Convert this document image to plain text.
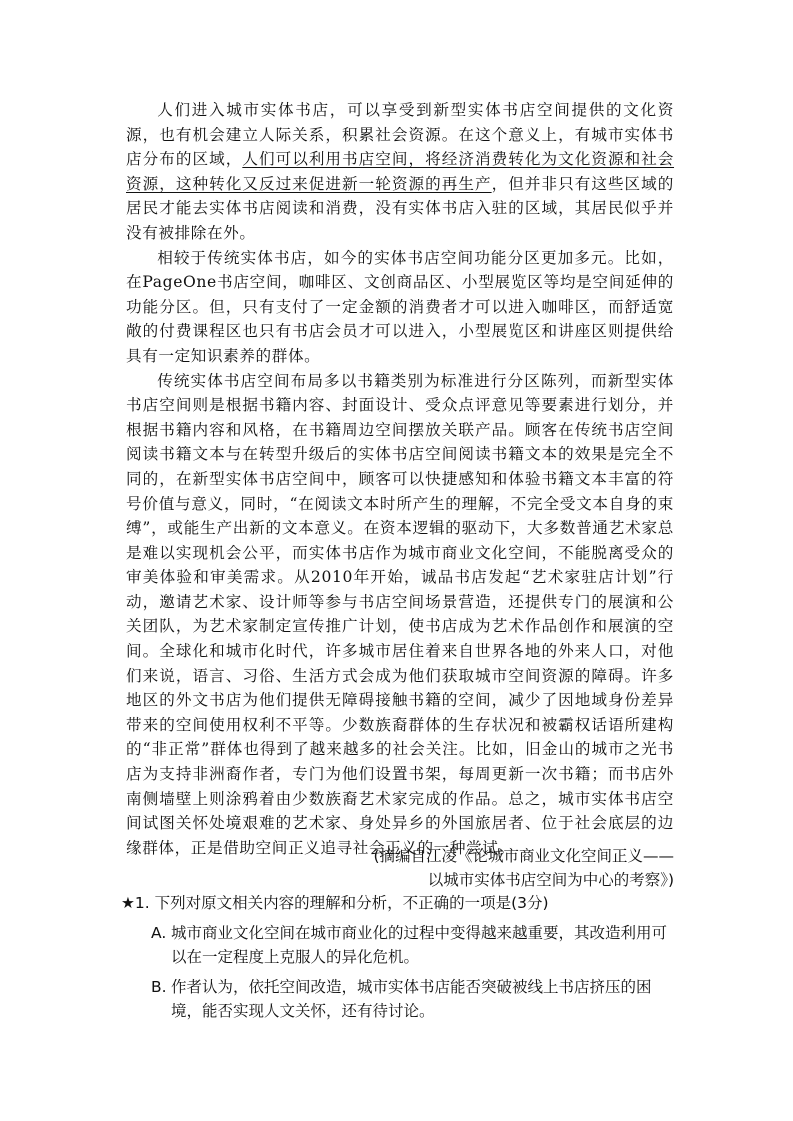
人们进入城市实体书店，可以享受到新型实体书店空间提供的文化资源，也有机会建立人际关系，积累社会资源。在这个意义上，有城市实体书店分布的区域，人们可以利用书店空间，将经济消费转化为文化资源和社会资源，这种转化又反过来促进新一轮资源的再生产，但并非只有这些区域的居民才能去实体书店阅读和消费，没有实体书店入驻的区域，其居民似乎并没有被排除在外。

相较于传统实体书店，如今的实体书店空间功能分区更加多元。比如，在PageOne书店空间，咖啡区、文创商品区、小型展览区等均是空间延伸的功能分区。但，只有支付了一定金额的消费者才可以进入咖啡区，而舒适宽敞的付费课程区也只有书店会员才可以进入，小型展览区和讲座区则提供给具有一定知识素养的群体。

传统实体书店空间布局多以书籍类别为标准进行分区陈列，而新型实体书店空间则是根据书籍内容、封面设计、受众点评意见等要素进行划分，并根据书籍内容和风格，在书籍周边空间摆放关联产品。顾客在传统书店空间阅读书籍文本与在转型升级后的实体书店空间阅读书籍文本的效果是完全不同的，在新型实体书店空间中，顾客可以快捷感知和体验书籍文本丰富的符号价值与意义，同时，“在阅读文本时所产生的理解，不完全受文本自身的束缚”，或能生产出新的文本意义。在资本逻辑的驱动下，大多数普通艺术家总是难以实现机会公平，而实体书店作为城市商业文化空间，不能脱离受众的审美体验和审美需求。从2010年开始，诚品书店发起“艺术家驻店计划”行动，邀请艺术家、设计师等参与书店空间场景营造，还提供专门的展演和公关团队，为艺术家制定宣传推广计划，使书店成为艺术作品创作和展演的空间。全球化和城市化时代，许多城市居住着来自世界各地的外来人口，对他们来说，语言、习俗、生活方式会成为他们获取城市空间资源的障碍。许多地区的外文书店为他们提供无障碍接触书籍的空间，减少了因地域身份差异带来的空间使用权利不平等。少数族裔群体的生存状况和被霸权话语所建构的“非正常”群体也得到了越来越多的社会关注。比如，旧金山的城市之光书店为支持非洲裔作者，专门为他们设置书架，每周更新一次书籍；而书店外南侧墙壁上则涂鸦着由少数族裔艺术家完成的作品。总之，城市实体书店空间试图关怀处境艰难的艺术家、身处异乡的外国旅居者、位于社会底层的边缘群体，正是借助空间正义追寻社会正义的一种尝试。

(摘编自江凌《论城市商业文化空间正义——
以城市实体书店空间为中心的考察》)
★1. 下列对原文相关内容的理解和分析，不正确的一项是(3分)
A. 城市商业文化空间在城市商业化的过程中变得越来越重要，其改造利用可以在一定程度上克服人的异化危机。
B. 作者认为，依托空间改造，城市实体书店能否突破被线上书店挤压的困境，能否实现人文关怀，还有待讨论。
